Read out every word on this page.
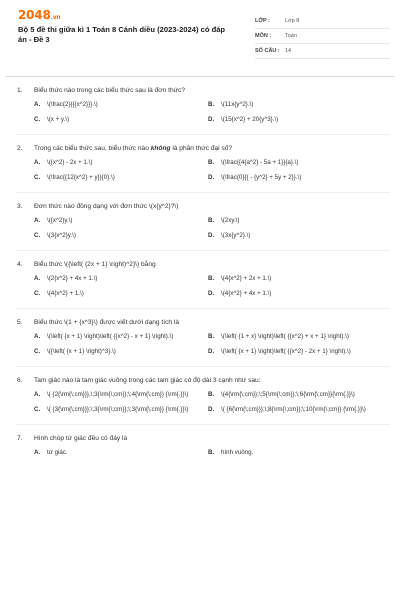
2048.vn
Bộ 5 đề thi giữa kì 1 Toán 8 Cánh diều (2023-2024) có đáp án - Đề 3
LỚP :	Lớp 8
MÔN :	Toán
SỐ CÂU : 14
1.	Biểu thức nào trong các biểu thức sau là đơn thức?
A.	\(\frac{2}{{{x^2}}}.\)	B.	\(11x{y^2}.\)
C.	\(x + y.\)	D.	\(15{x^2} + 20{y^3}.\)
2.	Trong các biểu thức sau, biểu thức nào không là phân thức đại số?
A.	\({x^2} - 2x + 1.\)	B.	\(\frac{{4{a^2} - 5a + 1}}{a}.\)
C.	\(\frac{{12{x^2} + y}}{0}.\)	D.	\(\frac{0}{{ - {y^2} + 5y + 2}}.\)
3.	Đơn thức nào đồng dạng với đơn thức \(x{y^2}?\)
A.	\({x^2}y.\)	B.	\(2xy.\)
C.	\(3{x^2}y.\)	D.	\(3x{y^2}.\)
4.	Biểu thức \({\left( {2x + 1} \right)^2}\) bằng
A.	\(2{x^2} + 4x + 1.\)	B.	\(4{x^2} + 2x + 1.\)
C.	\(4{x^2} + 1.\)	D.	\(4{x^2} + 4x + 1.\)
5.	Biểu thức \(1 + {x^3}\) được viết dưới dạng tích là
A.	\(\left( {x + 1} \right)\left( {{x^2} - x + 1} \right).\)	B.	\(\left( {1 + x} \right)\left( {{x^2} + x + 1} \right).\)
C.	\({\left( {x + 1} \right)^3}.\)	D.	\(\left( {x + 1} \right)\left( {{x^2} - 2x + 1} \right).\)
6.	Tam giác nào là tam giác vuông trong các tam giác có độ dài 3 cạnh như sau:
A.	\( {2{\rm{\;cm}}},\;3{\rm{\;cm}};\;4{\rm{\;cm}} {\rm{.}}\)	B.	\(4{\rm{\;cm}};\;5{\rm{\;cm}};\;6{\rm{\;cm}}{\rm{.}}\)
C.	\( {3{\rm{\;cm}}};\;3{\rm{\;cm}};\;3{\rm{\;cm}} {\rm{.}}\)	D.	\( {6{\rm{\;cm}}};\;8{\rm{\;cm}};\;10{\rm{\;cm}} {\rm{.}}\)
7.	Hình chóp tứ giác đều có đáy là
A.	tứ giác.	B.	hình vuông.
